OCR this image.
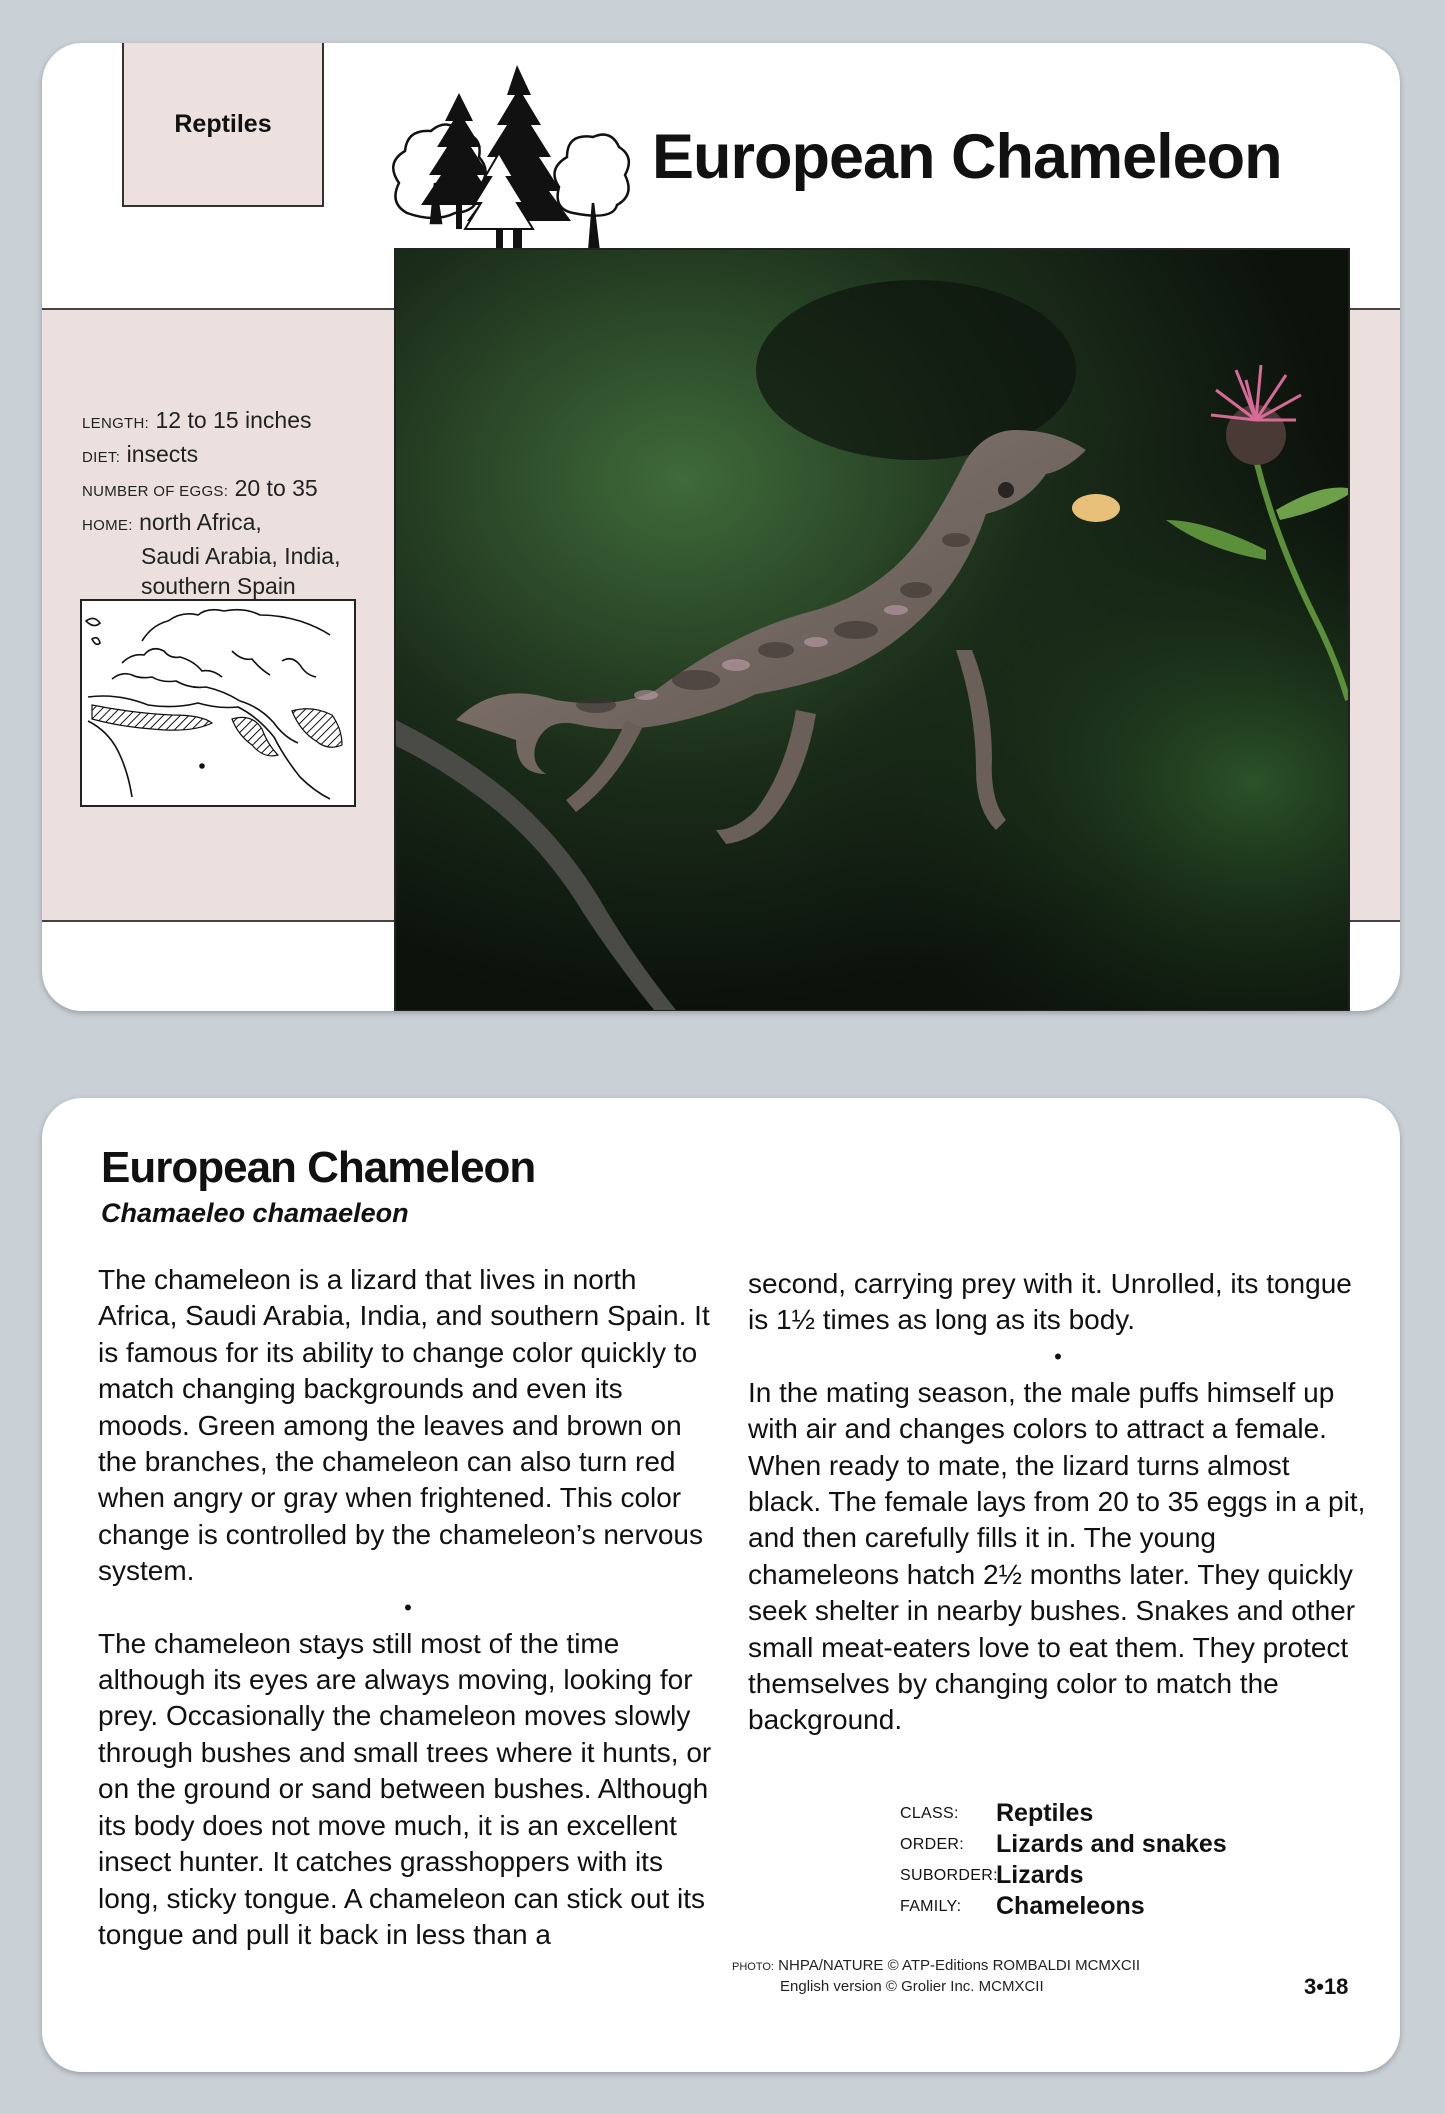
Reptiles	European Chameleon
LENGTH: 12 to 15 inches
DIET: insects
NUMBER OF EGGS: 20 to 35
HOME: north Africa,
Saudi Arabia, India,
southern Spain
European Chameleon
Chamaeleo chamaeleon

The chameleon is a lizard that lives in north Africa, Saudi Arabia, India, and southern Spain. It is famous for its ability to change color quickly to match changing backgrounds and even its moods. Green among the leaves and brown on the branches, the chameleon can also turn red when angry or gray when frightened. This color change is controlled by the chameleon’s nervous system.

•

The chameleon stays still most of the time although its eyes are always moving, looking for prey. Occasionally the chameleon moves slowly through bushes and small trees where it hunts, or on the ground or sand between bushes. Although its body does not move much, it is an excellent insect hunter. It catches grasshoppers with its long, sticky tongue. A chameleon can stick out its tongue and pull it back in less than a

second, carrying prey with it. Unrolled, its tongue is 1½ times as long as its body.

•

In the mating season, the male puffs himself up with air and changes colors to attract a female. When ready to mate, the lizard turns almost black. The female lays from 20 to 35 eggs in a pit, and then carefully fills it in. The young chameleons hatch 2½ months later. They quickly seek shelter in nearby bushes. Snakes and other small meat-eaters love to eat them. They protect themselves by changing color to match the background.

CLASS:	Reptiles
ORDER:	Lizards and snakes
SUBORDER:
Lizards
FAMILY:	Chameleons
PHOTO: NHPA/NATURE © ATP-Editions ROMBALDI MCMXCII
English version © Grolier Inc. MCMXCII	3•18
